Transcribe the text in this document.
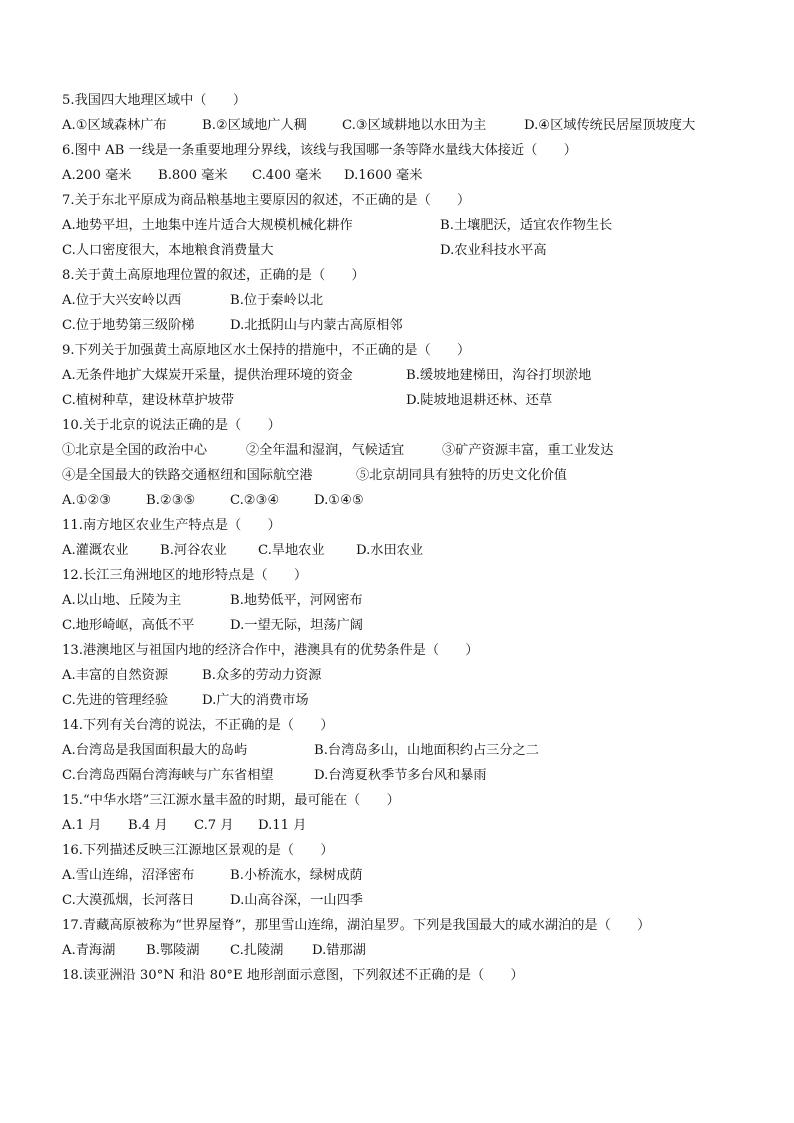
5.我国四大地理区域中（　　）
A.①区域森林广布	B.②区域地广人稠	C.③区域耕地以水田为主	D.④区域传统民居屋顶坡度大
6.图中 AB 一线是一条重要地理分界线，该线与我国哪一条等降水量线大体接近（　　）
A.200 毫米 B.800 毫米 C.400 毫米 D.1600 毫米
7.关于东北平原成为商品粮基地主要原因的叙述，不正确的是（　　）
A.地势平坦，土地集中连片适合大规模机械化耕作	B.土壤肥沃，适宜农作物生长
C.人口密度很大，本地粮食消费量大	D.农业科技水平高
8.关于黄土高原地理位置的叙述，正确的是（　　）
A.位于大兴安岭以西	B.位于秦岭以北
C.位于地势第三级阶梯	D.北抵阴山与内蒙古高原相邻
9.下列关于加强黄土高原地区水土保持的措施中，不正确的是（　　）
A.无条件地扩大煤炭开采量，提供治理环境的资金	B.缓坡地建梯田，沟谷打坝淤地
C.植树种草，建设林草护坡带	D.陡坡地退耕还林、还草
10.关于北京的说法正确的是（　　）
①北京是全国的政治中心	②全年温和湿润，气候适宜	③矿产资源丰富，重工业发达
④是全国最大的铁路交通枢纽和国际航空港	⑤北京胡同具有独特的历史文化价值
A.①②③	B.②③⑤	C.②③④	D.①④⑤
11.南方地区农业生产特点是（　　）
A.灌溉农业 B.河谷农业 C.旱地农业 D.水田农业
12.长江三角洲地区的地形特点是（　　）
A.以山地、丘陵为主	B.地势低平，河网密布
C.地形崎岖，高低不平	D.一望无际，坦荡广阔
13.港澳地区与祖国内地的经济合作中，港澳具有的优势条件是（　　）
A.丰富的自然资源	B.众多的劳动力资源
C.先进的管理经验	D.广大的消费市场
14.下列有关台湾的说法，不正确的是（　　）
A.台湾岛是我国面积最大的岛屿	B.台湾岛多山，山地面积约占三分之二
C.台湾岛西隔台湾海峡与广东省相望	D.台湾夏秋季节多台风和暴雨
15.“中华水塔”三江源水量丰盈的时期，最可能在（　　）
A.1 月 B.4 月 C.7 月 D.11 月
16.下列描述反映三江源地区景观的是（　　）
A.雪山连绵，沼泽密布	B.小桥流水，绿树成荫
C.大漠孤烟，长河落日	D.山高谷深，一山四季
17.青藏高原被称为“世界屋脊”，那里雪山连绵，湖泊星罗。下列是我国最大的咸水湖泊的是（　　）
A.青海湖 B.鄂陵湖 C.扎陵湖 D.错那湖
18.读亚洲沿 30°N 和沿 80°E 地形剖面示意图，下列叙述不正确的是（　　）
